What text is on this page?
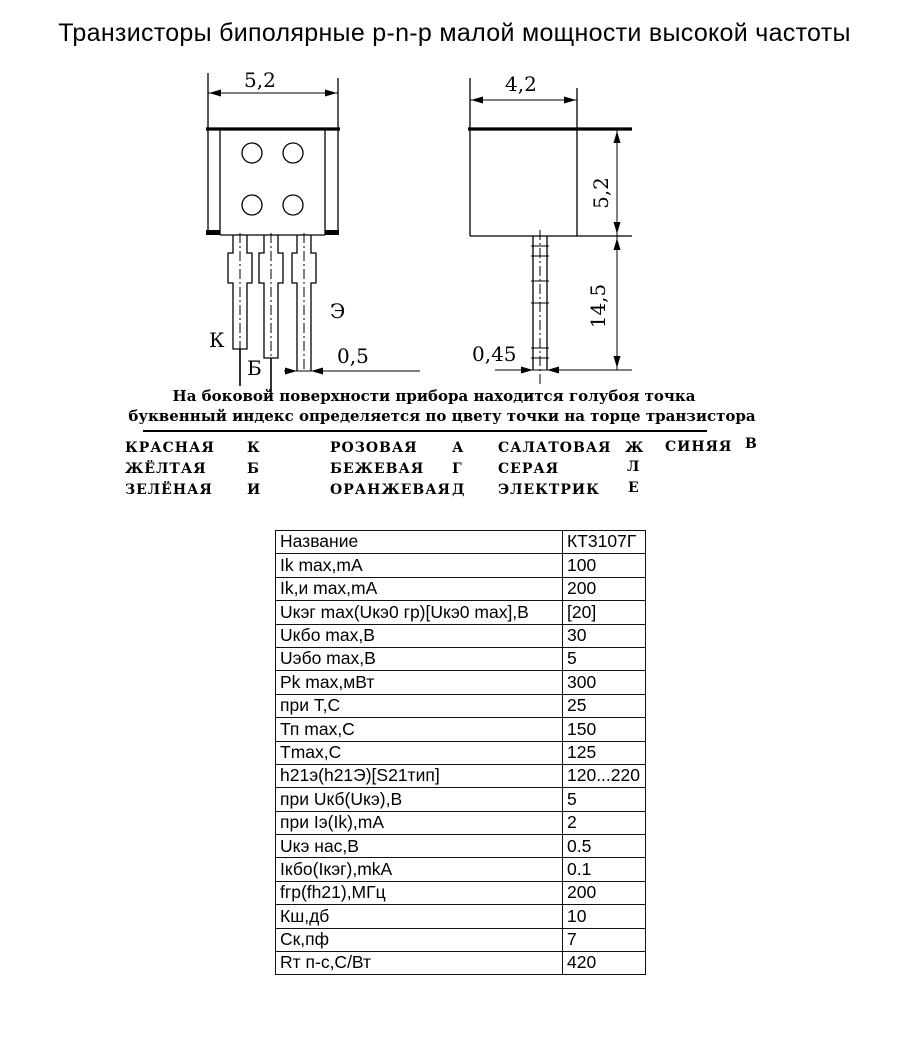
Транзисторы биполярные p-n-p малой мощности высокой частоты
5,2
0,5
К
Б
Э
4,2
5,2
14,5
0,45
На боковой поверхности прибора находится голубоя точка
буквенный индекс определяется по цвету точки на торце транзистора
КРАСНАЯ К	РОЗОВАЯ А САЛАТОВАЯ Ж СИНЯЯ В
ЖЁЛТАЯ	Б	БЕЖЕВАЯ Г	СЕРАЯ	Л
ЗЕЛЁНАЯ И	ОРАНЖЕВАЯ Д ЭЛЕКТРИК Е
Название	КТ3107Г
Ik max,mA	100
Ik,и max,mA	200
Uкэг max(Uкэ0 гр)[Uкэ0 max],B	[20]
Uкбо max,B	30
Uэбо max,B	5
Pk max,мВт	300
при Т,С	25
Тп max,C	150
Tmax,C	125
h21э(h21Э)[S21тип]	120...220
при Uкб(Uкэ),B	5
при Iэ(Ik),mA	2
Uкэ нас,B	0.5
Iкбо(Iкэг),mkA	0.1
fгр(fh21),МГц	200
Кш,дб	10
Ск,пф	7
Rт п-с,С/Вт	420
